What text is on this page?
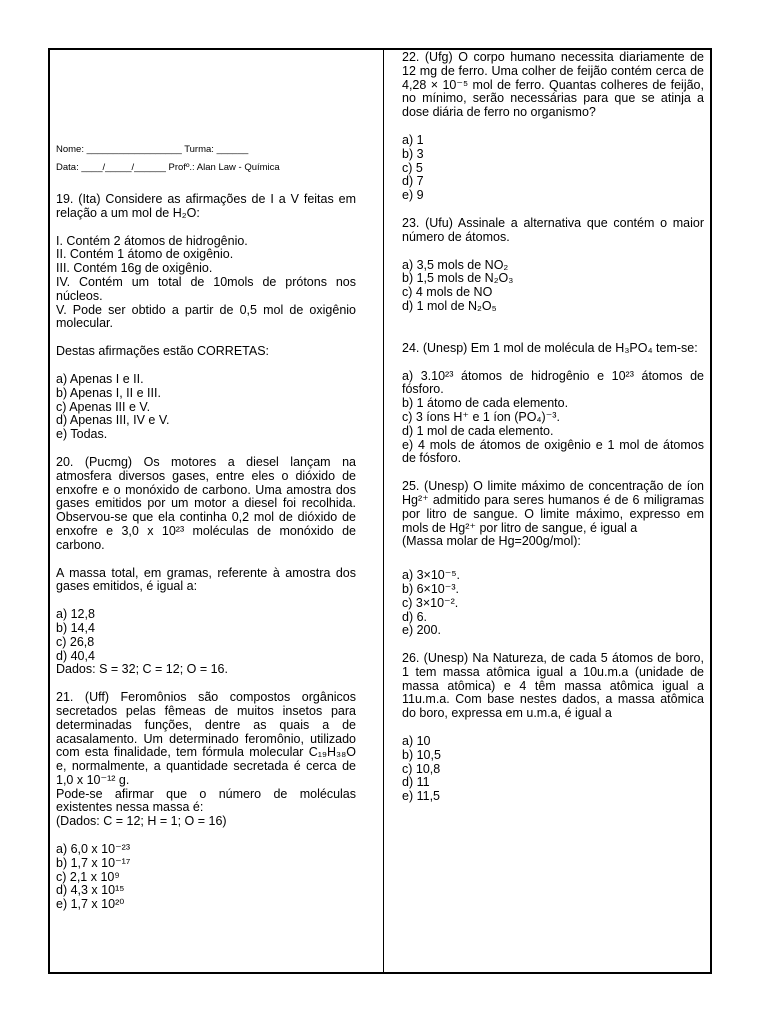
Nome: __________________ Turma: ______
Data: ____/_____/______ Profº.: Alan Law - Química

19. (Ita) Considere as afirmações de I a V feitas em relação a um mol de H₂O:

I. Contém 2 átomos de hidrogênio.

II. Contém 1 átomo de oxigênio.

III. Contém 16g de oxigênio.

IV. Contém um total de 10mols de prótons nos núcleos.

V. Pode ser obtido a partir de 0,5 mol de oxigênio molecular.

Destas afirmações estão CORRETAS:

a) Apenas I e II.

b) Apenas I, II e III.

c) Apenas III e V.

d) Apenas III, IV e V.

e) Todas.

20. (Pucmg) Os motores a diesel lançam na atmosfera diversos gases, entre eles o dióxido de enxofre e o monóxido de carbono. Uma amostra dos gases emitidos por um motor a diesel foi recolhida. Observou-se que ela continha 0,2 mol de dióxido de enxofre e 3,0 x 10²³ moléculas de monóxido de carbono.

A massa total, em gramas, referente à amostra dos gases emitidos, é igual a:

a) 12,8

b) 14,4

c) 26,8

d) 40,4

Dados: S = 32; C = 12; O = 16.

21. (Uff) Feromônios são compostos orgânicos secretados pelas fêmeas de muitos insetos para determinadas funções, dentre as quais a de acasalamento. Um determinado feromônio, utilizado com esta finalidade, tem fórmula molecular C₁₉H₃₈O e, normalmente, a quantidade secretada é cerca de 1,0 x 10⁻¹² g.

Pode-se afirmar que o número de moléculas existentes nessa massa é:

(Dados: C = 12; H = 1; O = 16)

a) 6,0 x 10⁻²³

b) 1,7 x 10⁻¹⁷

c) 2,1 x 10⁹

d) 4,3 x 10¹⁵

e) 1,7 x 10²⁰

22. (Ufg) O corpo humano necessita diariamente de 12 mg de ferro. Uma colher de feijão contém cerca de 4,28 × 10⁻⁵ mol de ferro. Quantas colheres de feijão, no mínimo, serão necessárias para que se atinja a dose diária de ferro no organismo?

a) 1

b) 3

c) 5

d) 7

e) 9

23. (Ufu) Assinale a alternativa que contém o maior número de átomos.

a) 3,5 mols de NO₂

b) 1,5 mols de N₂O₃

c) 4 mols de NO

d) 1 mol de N₂O₅

24. (Unesp) Em 1 mol de molécula de H₃PO₄ tem-se:

a) 3.10²³ átomos de hidrogênio e 10²³ átomos de fósforo.

b) 1 átomo de cada elemento.

c) 3 íons H⁺ e 1 íon (PO₄)⁻³.

d) 1 mol de cada elemento.

e) 4 mols de átomos de oxigênio e 1 mol de átomos de fósforo.

25. (Unesp) O limite máximo de concentração de íon Hg²⁺ admitido para seres humanos é de 6 miligramas por litro de sangue. O limite máximo, expresso em mols de Hg²⁺ por litro de sangue, é igual a

(Massa molar de Hg=200g/mol):

a) 3×10⁻⁵.

b) 6×10⁻³.

c) 3×10⁻².

d) 6.

e) 200.

26. (Unesp) Na Natureza, de cada 5 átomos de boro, 1 tem massa atômica igual a 10u.m.a (unidade de massa atômica) e 4 têm massa atômica igual a 11u.m.a. Com base nestes dados, a massa atômica do boro, expressa em u.m.a, é igual a

a) 10

b) 10,5

c) 10,8

d) 11

e) 11,5
